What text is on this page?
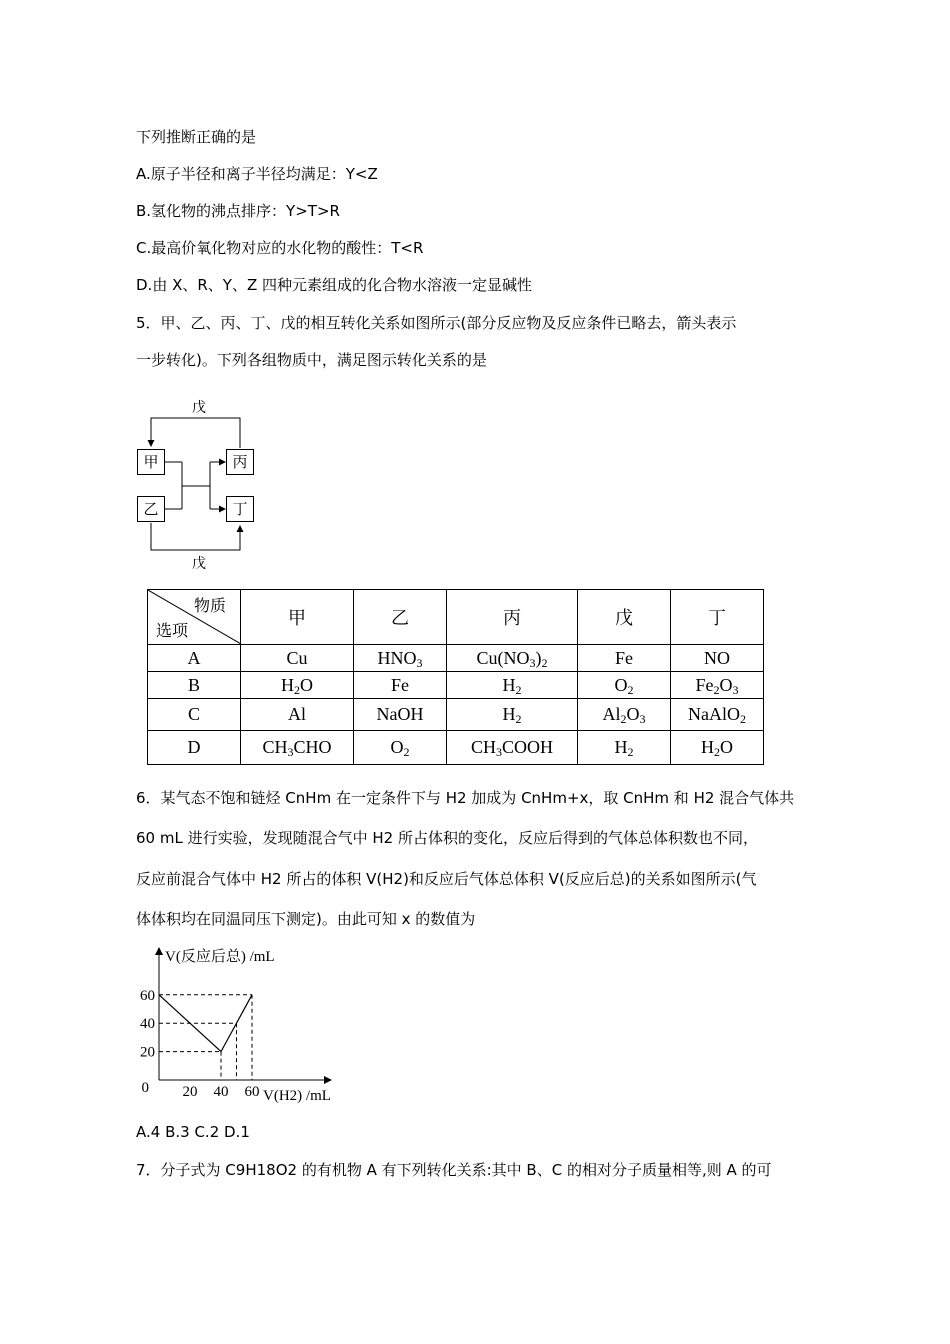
下列推断正确的是
A.原子半径和离子半径均满足：Y<Z
B.氢化物的沸点排序：Y>T>R
C.最高价氧化物对应的水化物的酸性：T<R
D.由 X、R、Y、Z 四种元素组成的化合物水溶液一定显碱性
5．甲、乙、丙、丁、戊的相互转化关系如图所示(部分反应物及反应条件已略去，箭头表示
一步转化)。下列各组物质中，满足图示转化关系的是
甲
乙
丙
丁
戊
戊
物质
选项	甲	乙	丙	戊	丁
A	Cu	$HNO_3$	$Cu(NO_3)_2$	Fe	NO
B	$H_2O$	Fe	$H_2$	$O_2$	$Fe_2O_3$
C	Al	NaOH	$H_2$	$Al_2O_3$	NaAlO$_2$
D	$CH_3CHO$	$O_2$	$CH_3COOH$	$H_2$	$H_2O$
6．某气态不饱和链烃 CnHm 在一定条件下与 H2 加成为 CnHm+x，取 CnHm 和 H2 混合气体共
60 mL 进行实验，发现随混合气中 H2 所占体积的变化，反应后得到的气体总体积数也不同，
反应前混合气体中 H2 所占的体积 V(H2)和反应后气体总体积 V(反应后总)的关系如图所示(气
体体积均在同温同压下测定)。由此可知 x 的数值为
20 40 60
20
40
60
0
V(反应后总) /mL
V(H2) /mL
A.4 B.3 C.2 D.1
7．分子式为 C9H18O2 的有机物 A 有下列转化关系:其中 B、C 的相对分子质量相等,则 A 的可
